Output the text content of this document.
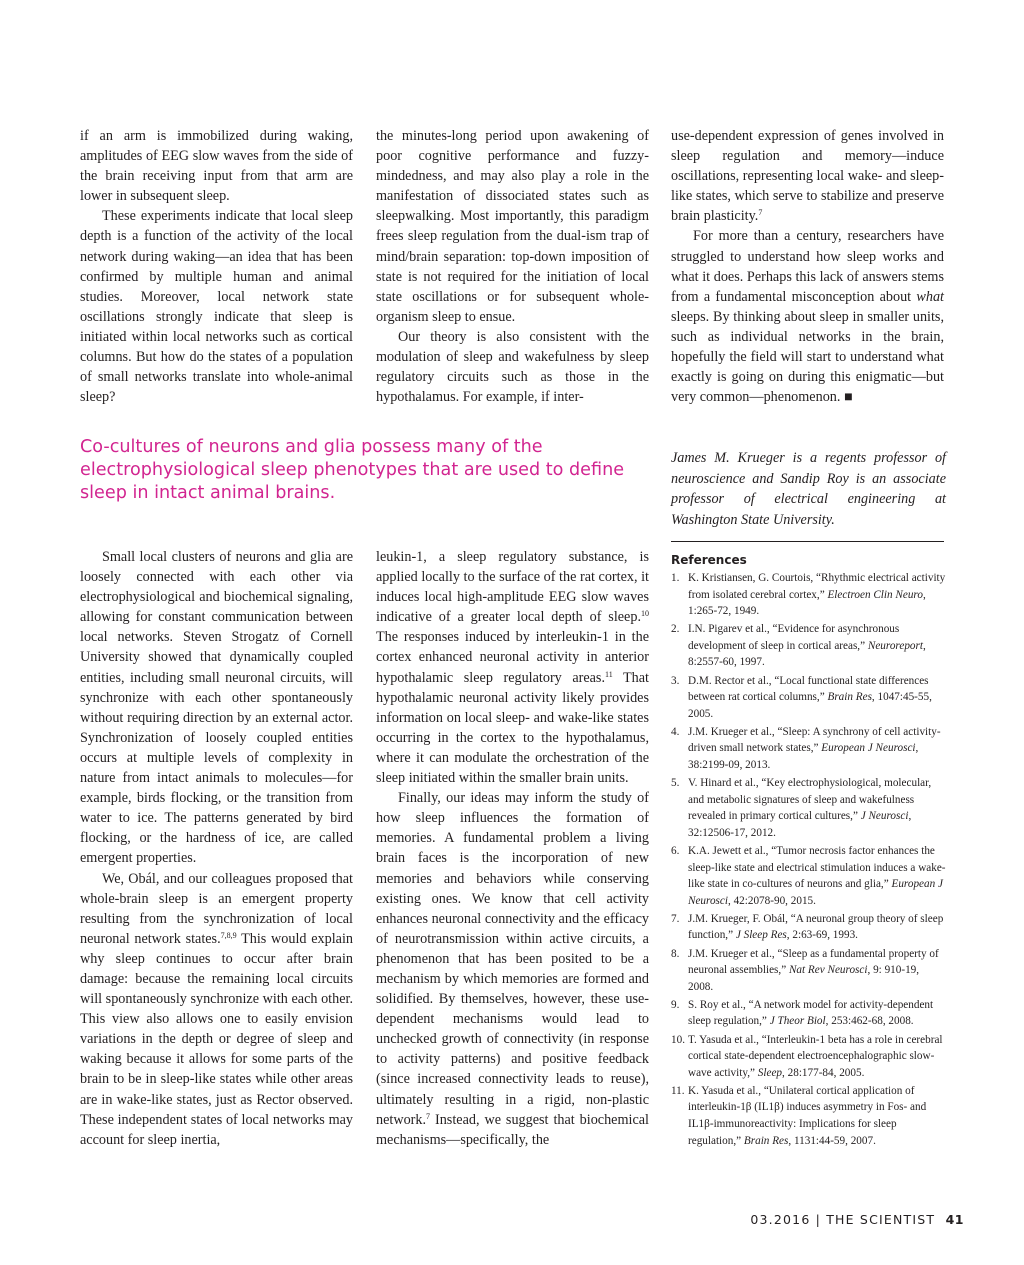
if an arm is immobilized during waking, amplitudes of EEG slow waves from the side of the brain receiving input from that arm are lower in subsequent sleep.

These experiments indicate that local sleep depth is a function of the activity of the local network during waking—an idea that has been confirmed by multiple human and animal studies. Moreover, local network state oscillations strongly indicate that sleep is initiated within local networks such as cortical columns. But how do the states of a population of small networks translate into whole-animal sleep?

the minutes-long period upon awakening of poor cognitive performance and fuzzy-mindedness, and may also play a role in the manifestation of dissociated states such as sleepwalking. Most importantly, this paradigm frees sleep regulation from the dual-ism trap of mind/brain separation: top-down imposition of state is not required for the initiation of local state oscillations or for subsequent whole-organism sleep to ensue.

Our theory is also consistent with the modulation of sleep and wakefulness by sleep regulatory circuits such as those in the hypothalamus. For example, if inter-

use-dependent expression of genes involved in sleep regulation and memory—induce oscillations, representing local wake- and sleep-like states, which serve to stabilize and preserve brain plasticity.$^7$

For more than a century, researchers have struggled to understand how sleep works and what it does. Perhaps this lack of answers stems from a fundamental misconception about what sleeps. By thinking about sleep in smaller units, such as individual networks in the brain, hopefully the field will start to understand what exactly is going on during this enigmatic—but very common—phenomenon. ■

Co-cultures of neurons and glia possess many of the electrophysiological sleep phenotypes that are used to define sleep in intact animal brains.
James M. Krueger is a regents professor of neuroscience and Sandip Roy is an associate professor of electrical engineering at Washington State University.
References
1. K. Kristiansen, G. Courtois, “Rhythmic electrical activity from isolated cerebral cortex,” Electroen Clin Neuro, 1:265-72, 1949.
2. I.N. Pigarev et al., “Evidence for asynchronous development of sleep in cortical areas,” Neuroreport, 8:2557-60, 1997.
3. D.M. Rector et al., “Local functional state differences between rat cortical columns,” Brain Res, 1047:45-55, 2005.
4. J.M. Krueger et al., “Sleep: A synchrony of cell activity-driven small network states,” European J Neurosci, 38:2199-09, 2013.
5. V. Hinard et al., “Key electrophysiological, molecular, and metabolic signatures of sleep and wakefulness revealed in primary cortical cultures,” J Neurosci, 32:12506-17, 2012.
6. K.A. Jewett et al., “Tumor necrosis factor enhances the sleep-like state and electrical stimulation induces a wake-like state in co-cultures of neurons and glia,” European J Neurosci, 42:2078-90, 2015.
7. J.M. Krueger, F. Obál, “A neuronal group theory of sleep function,” J Sleep Res, 2:63-69, 1993.
8. J.M. Krueger et al., “Sleep as a fundamental property of neuronal assemblies,” Nat Rev Neurosci, 9: 910-19, 2008.
9. S. Roy et al., “A network model for activity-dependent sleep regulation,” J Theor Biol, 253:462-68, 2008.
10. T. Yasuda et al., “Interleukin-1 beta has a role in cerebral cortical state-dependent electroencephalographic slow-wave activity,” Sleep, 28:177-84, 2005.
11. K. Yasuda et al., “Unilateral cortical application of interleukin-1β (IL1β) induces asymmetry in Fos- and IL1β-immunoreactivity: Implications for sleep regulation,” Brain Res, 1131:44-59, 2007.

Small local clusters of neurons and glia are loosely connected with each other via electrophysiological and biochemical signaling, allowing for constant communication between local networks. Steven Strogatz of Cornell University showed that dynamically coupled entities, including small neuronal circuits, will synchronize with each other spontaneously without requiring direction by an external actor. Synchronization of loosely coupled entities occurs at multiple levels of complexity in nature from intact animals to molecules—for example, birds flocking, or the transition from water to ice. The patterns generated by bird flocking, or the hardness of ice, are called emergent properties.

We, Obál, and our colleagues proposed that whole-brain sleep is an emergent property resulting from the synchronization of local neuronal network states.$^{7,8,9}$ This would explain why sleep continues to occur after brain damage: because the remaining local circuits will spontaneously synchronize with each other. This view also allows one to easily envision variations in the depth or degree of sleep and waking because it allows for some parts of the brain to be in sleep-like states while other areas are in wake-like states, just as Rector observed. These independent states of local networks may account for sleep inertia,

leukin-1, a sleep regulatory substance, is applied locally to the surface of the rat cortex, it induces local high-amplitude EEG slow waves indicative of a greater local depth of sleep.$^{10}$ The responses induced by interleukin-1 in the cortex enhanced neuronal activity in anterior hypothalamic sleep regulatory areas.$^{11}$ That hypothalamic neuronal activity likely provides information on local sleep- and wake-like states occurring in the cortex to the hypothalamus, where it can modulate the orchestration of the sleep initiated within the smaller brain units.

Finally, our ideas may inform the study of how sleep influences the formation of memories. A fundamental problem a living brain faces is the incorporation of new memories and behaviors while conserving existing ones. We know that cell activity enhances neuronal connectivity and the efficacy of neurotransmission within active circuits, a phenomenon that has been posited to be a mechanism by which memories are formed and solidified. By themselves, however, these use-dependent mechanisms would lead to unchecked growth of connectivity (in response to activity patterns) and positive feedback (since increased connectivity leads to reuse), ultimately resulting in a rigid, non-plastic network.$^7$ Instead, we suggest that biochemical mechanisms—specifically, the

03.2016 | THE SCIENTIST 41
